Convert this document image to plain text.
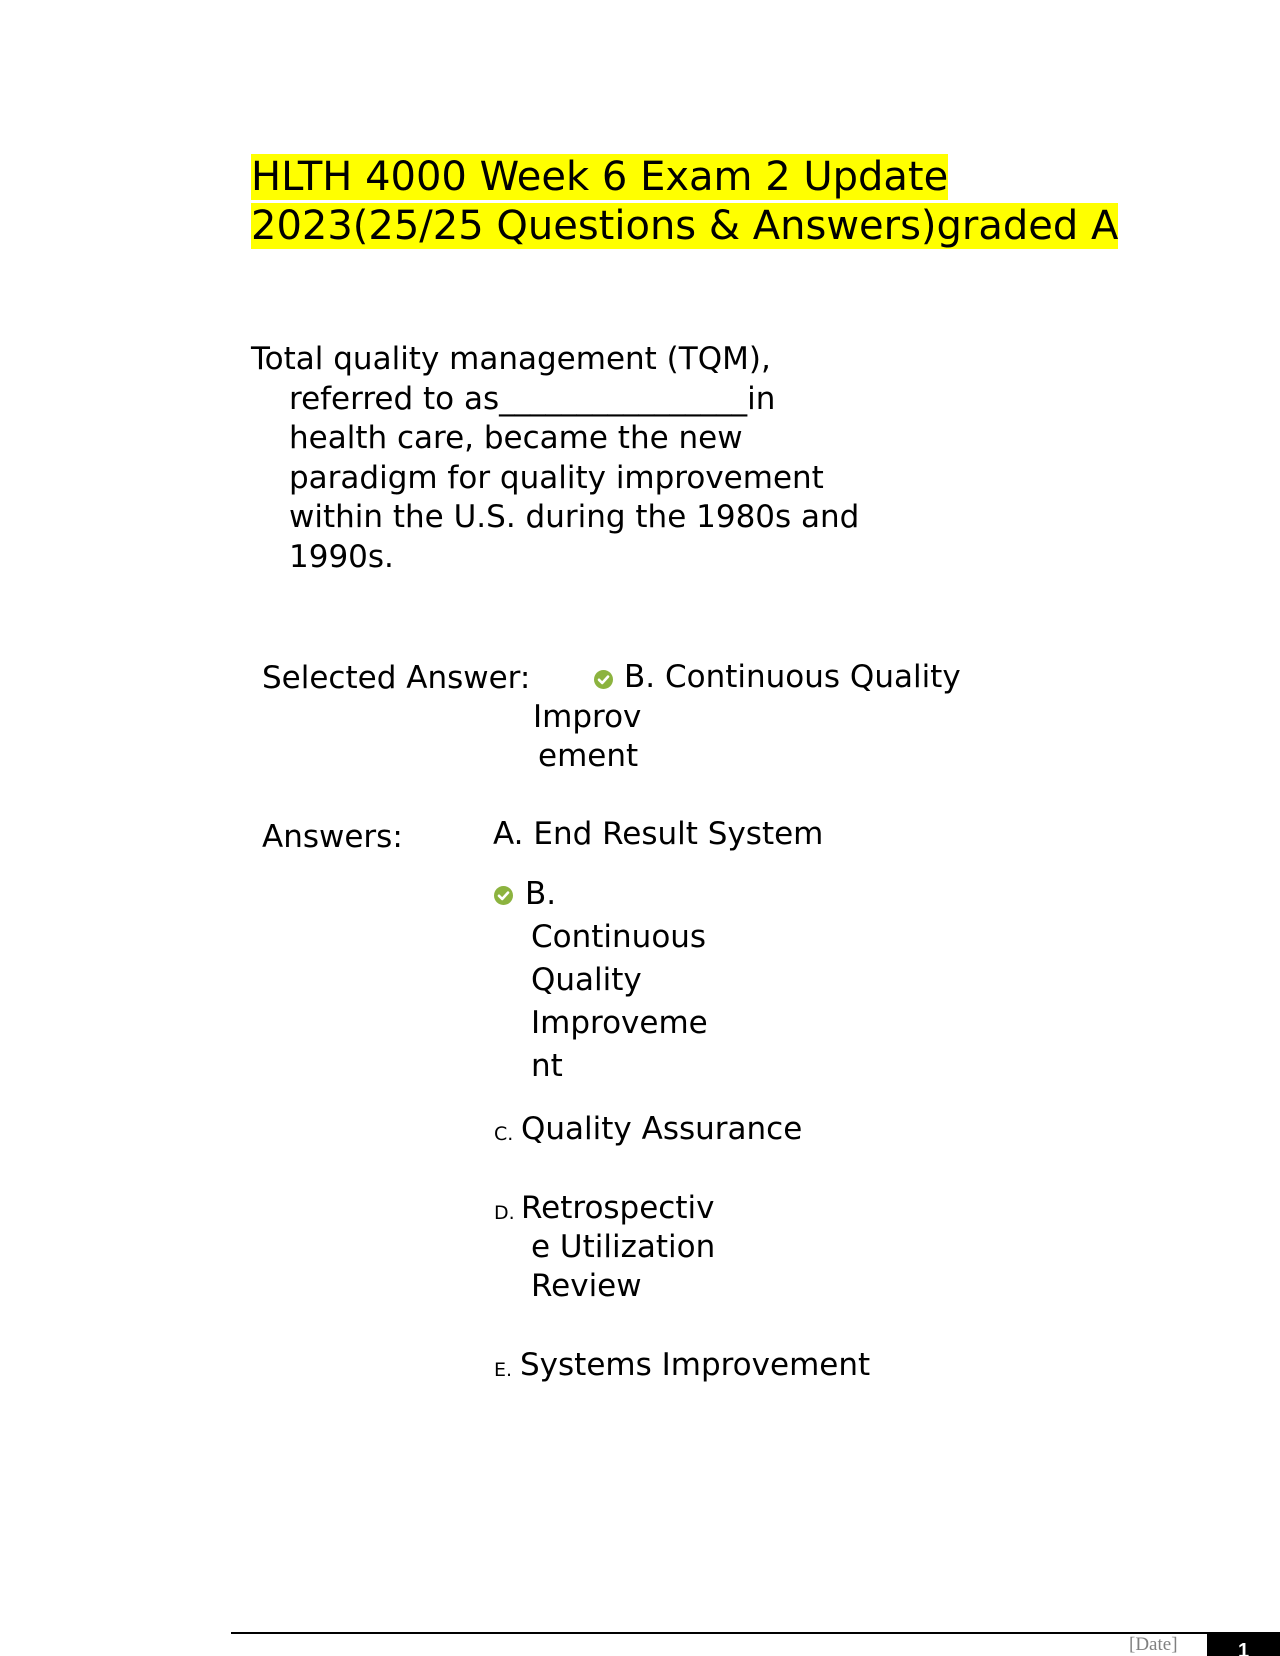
HLTH 4000 Week 6 Exam 2 Update
2023(25/25 Questions & Answers)graded A

Total quality management (TQM),
referred to as________________in
health care, became the new
paradigm for quality improvement
within the U.S. during the 1980s and
1990s.

Selected Answer:	B. Continuous Quality
Improv
ement
Answers:	A. End Result System
B.
Continuous
Quality
Improveme
nt
C. Quality Assurance
D. Retrospectiv
e Utilization
Review
E. Systems Improvement
[Date]	1
